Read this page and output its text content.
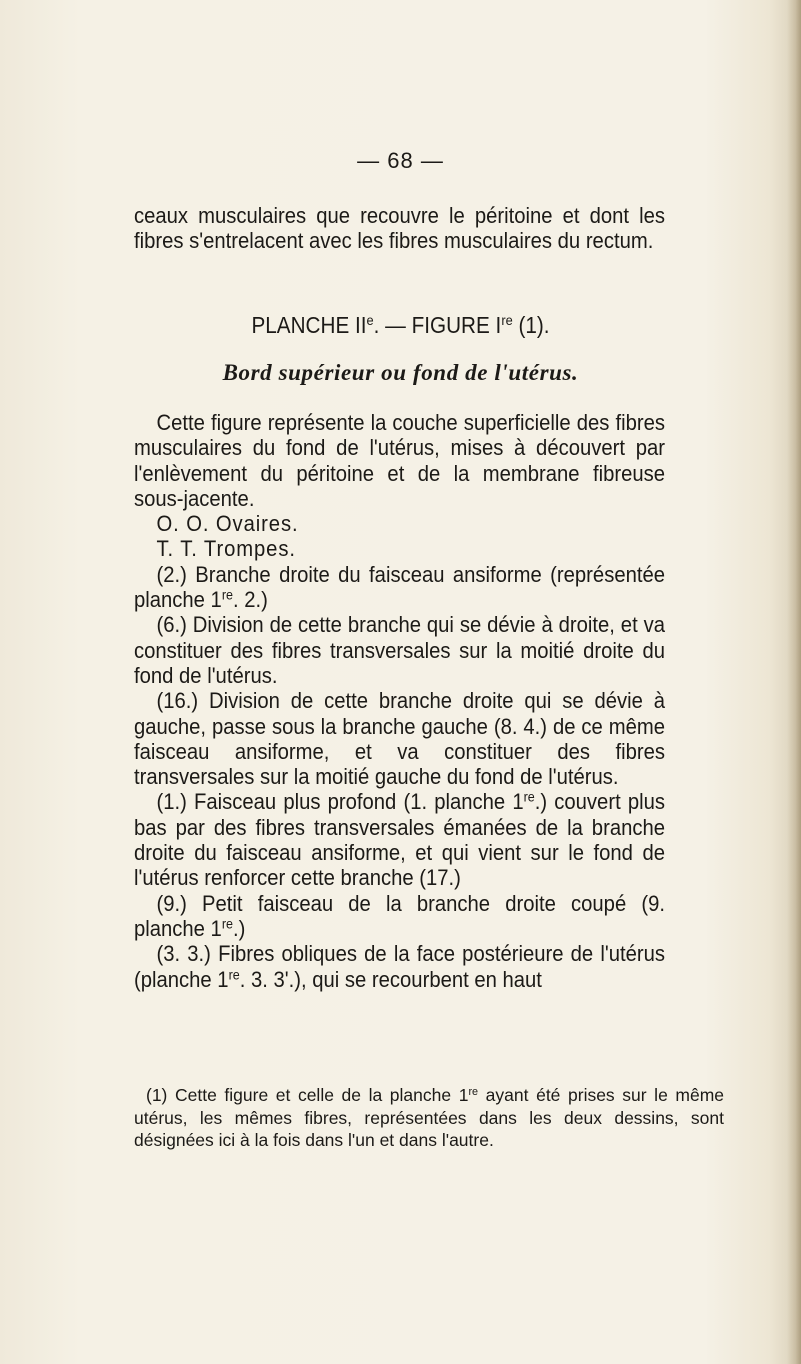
— 68 —
ceaux musculaires que recouvre le péritoine et dont les fibres s'entrelacent avec les fibres musculaires du rectum.
PLANCHE IIe. — FIGURE Ire (1).
Bord supérieur ou fond de l'utérus.

Cette figure représente la couche superficielle des fibres musculaires du fond de l'utérus, mises à découvert par l'enlèvement du péritoine et de la membrane fibreuse sous-jacente.

O. O. Ovaires.

T. T. Trompes.

(2.) Branche droite du faisceau ansiforme (représentée planche 1re. 2.)

(6.) Division de cette branche qui se dévie à droite, et va constituer des fibres transversales sur la moitié droite du fond de l'utérus.

(16.) Division de cette branche droite qui se dévie à gauche, passe sous la branche gauche (8. 4.) de ce même faisceau ansiforme, et va constituer des fibres transversales sur la moitié gauche du fond de l'utérus.

(1.) Faisceau plus profond (1. planche 1re.) couvert plus bas par des fibres transversales émanées de la branche droite du faisceau ansiforme, et qui vient sur le fond de l'utérus renforcer cette branche (17.)

(9.) Petit faisceau de la branche droite coupé (9. planche 1re.)

(3. 3.) Fibres obliques de la face postérieure de l'utérus (planche 1re. 3. 3'.), qui se recourbent en haut

(1) Cette figure et celle de la planche 1re ayant été prises sur le même utérus, les mêmes fibres, représentées dans les deux dessins, sont désignées ici à la fois dans l'un et dans l'autre.
